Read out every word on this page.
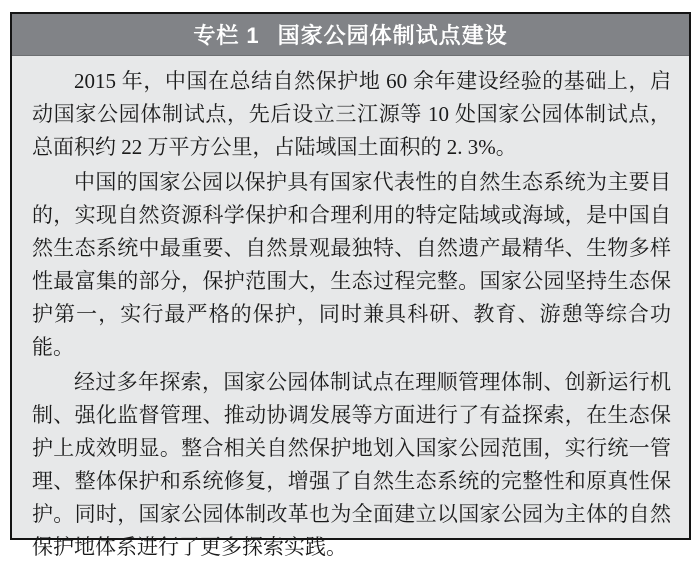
专栏 1 国家公园体制试点建设

2015 年，中国在总结自然保护地 60 余年建设经验的基础上，启动国家公园体制试点，先后设立三江源等 10 处国家公园体制试点，总面积约 22 万平方公里，占陆域国土面积的 2. 3%。

中国的国家公园以保护具有国家代表性的自然生态系统为主要目的，实现自然资源科学保护和合理利用的特定陆域或海域，是中国自然生态系统中最重要、自然景观最独特、自然遗产最精华、生物多样性最富集的部分，保护范围大，生态过程完整。国家公园坚持生态保护第一，实行最严格的保护，同时兼具科研、教育、游憩等综合功能。

经过多年探索，国家公园体制试点在理顺管理体制、创新运行机制、强化监督管理、推动协调发展等方面进行了有益探索，在生态保护上成效明显。整合相关自然保护地划入国家公园范围，实行统一管理、整体保护和系统修复，增强了自然生态系统的完整性和原真性保护。同时，国家公园体制改革也为全面建立以国家公园为主体的自然保护地体系进行了更多探索实践。
